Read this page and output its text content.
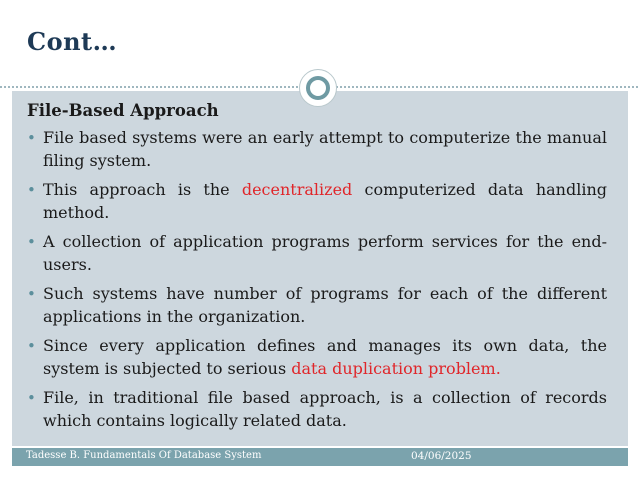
Cont…
File-Based Approach
• File based systems were an early attempt to computerize the manual filing system.
• This approach is the decentralized computerized data handling method.
• A collection of application programs perform services for the end-users.
• Such systems have number of programs for each of the different applications in the organization.
• Since every application defines and manages its own data, the system is subjected to serious data duplication problem.
• File, in traditional file based approach, is a collection of records which contains logically related data.
Tadesse B. Fundamentals Of Database System	04/06/2025
